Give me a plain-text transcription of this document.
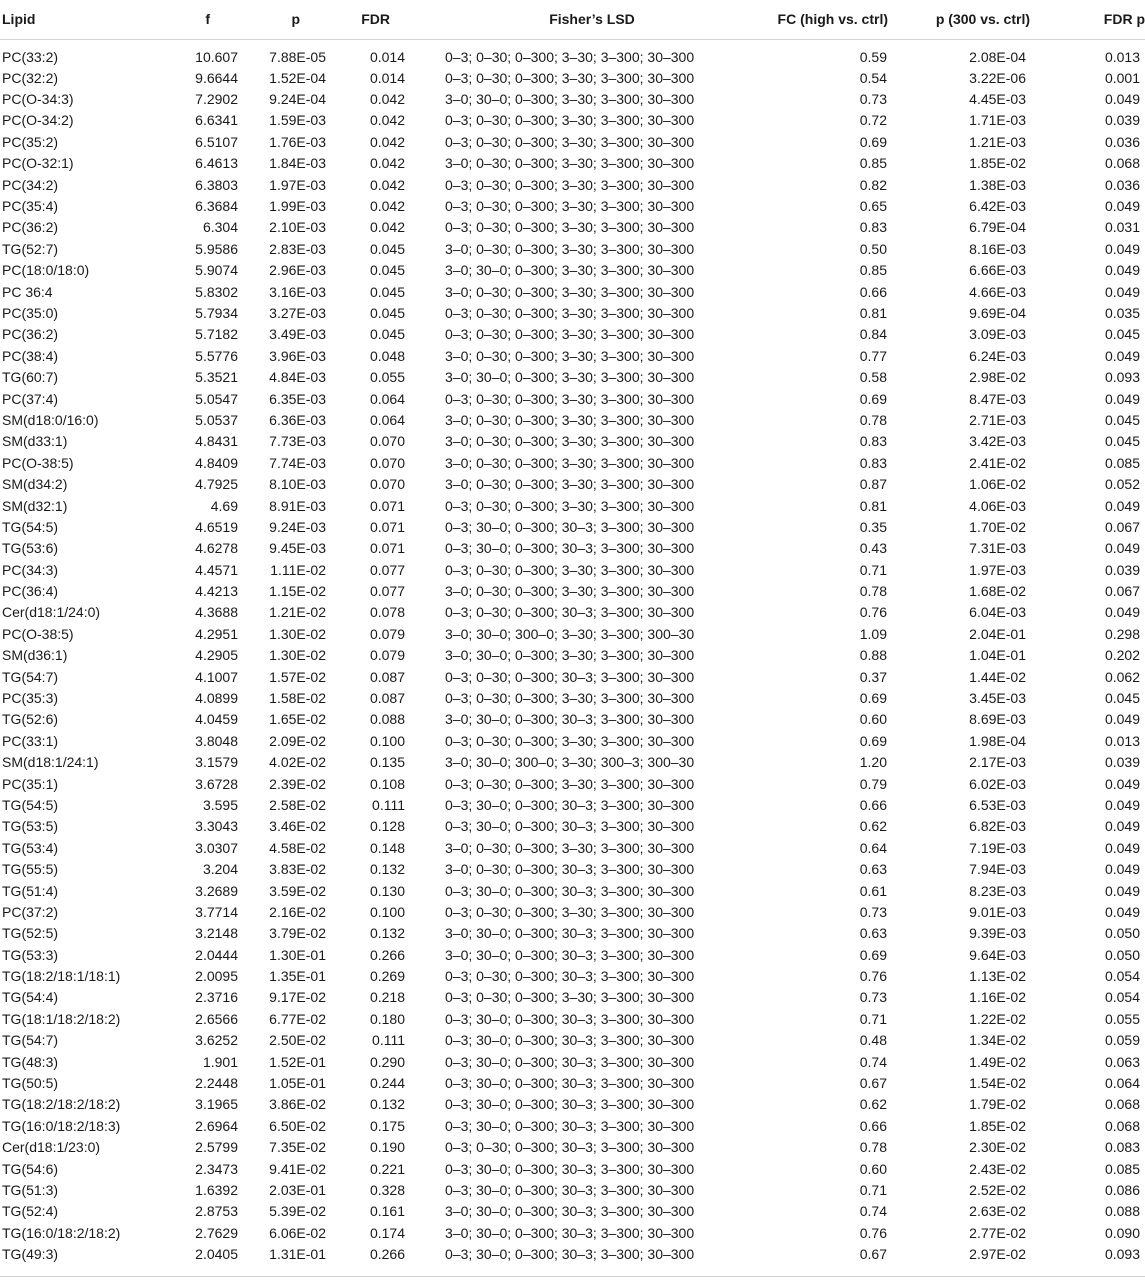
Lipid	f	p	FDR	Fisher’s LSD	FC (high vs. ctrl)	p (300 vs. ctrl)	FDR p
PC(33:2)	10.607	7.88E-05	0.014	0–3; 0–30; 0–300; 3–30; 3–300; 30–300	0.59	2.08E-04	0.013
PC(32:2)	9.6644	1.52E-04	0.014	0–3; 0–30; 0–300; 3–30; 3–300; 30–300	0.54	3.22E-06	0.001
PC(O-34:3)	7.2902	9.24E-04	0.042	3–0; 30–0; 0–300; 3–30; 3–300; 30–300	0.73	4.45E-03	0.049
PC(O-34:2)	6.6341	1.59E-03	0.042	0–3; 0–30; 0–300; 3–30; 3–300; 30–300	0.72	1.71E-03	0.039
PC(35:2)	6.5107	1.76E-03	0.042	0–3; 0–30; 0–300; 3–30; 3–300; 30–300	0.69	1.21E-03	0.036
PC(O-32:1)	6.4613	1.84E-03	0.042	3–0; 0–30; 0–300; 3–30; 3–300; 30–300	0.85	1.85E-02	0.068
PC(34:2)	6.3803	1.97E-03	0.042	0–3; 0–30; 0–300; 3–30; 3–300; 30–300	0.82	1.38E-03	0.036
PC(35:4)	6.3684	1.99E-03	0.042	0–3; 0–30; 0–300; 3–30; 3–300; 30–300	0.65	6.42E-03	0.049
PC(36:2)	6.304	2.10E-03	0.042	0–3; 0–30; 0–300; 3–30; 3–300; 30–300	0.83	6.79E-04	0.031
TG(52:7)	5.9586	2.83E-03	0.045	3–0; 0–30; 0–300; 3–30; 3–300; 30–300	0.50	8.16E-03	0.049
PC(18:0/18:0)	5.9074	2.96E-03	0.045	3–0; 30–0; 0–300; 3–30; 3–300; 30–300	0.85	6.66E-03	0.049
PC 36:4	5.8302	3.16E-03	0.045	3–0; 0–30; 0–300; 3–30; 3–300; 30–300	0.66	4.66E-03	0.049
PC(35:0)	5.7934	3.27E-03	0.045	0–3; 0–30; 0–300; 3–30; 3–300; 30–300	0.81	9.69E-04	0.035
PC(36:2)	5.7182	3.49E-03	0.045	0–3; 0–30; 0–300; 3–30; 3–300; 30–300	0.84	3.09E-03	0.045
PC(38:4)	5.5776	3.96E-03	0.048	3–0; 0–30; 0–300; 3–30; 3–300; 30–300	0.77	6.24E-03	0.049
TG(60:7)	5.3521	4.84E-03	0.055	3–0; 30–0; 0–300; 3–30; 3–300; 30–300	0.58	2.98E-02	0.093
PC(37:4)	5.0547	6.35E-03	0.064	0–3; 0–30; 0–300; 3–30; 3–300; 30–300	0.69	8.47E-03	0.049
SM(d18:0/16:0)	5.0537	6.36E-03	0.064	3–0; 0–30; 0–300; 3–30; 3–300; 30–300	0.78	2.71E-03	0.045
SM(d33:1)	4.8431	7.73E-03	0.070	3–0; 0–30; 0–300; 3–30; 3–300; 30–300	0.83	3.42E-03	0.045
PC(O-38:5)	4.8409	7.74E-03	0.070	3–0; 0–30; 0–300; 3–30; 3–300; 30–300	0.83	2.41E-02	0.085
SM(d34:2)	4.7925	8.10E-03	0.070	3–0; 0–30; 0–300; 3–30; 3–300; 30–300	0.87	1.06E-02	0.052
SM(d32:1)	4.69	8.91E-03	0.071	0–3; 0–30; 0–300; 3–30; 3–300; 30–300	0.81	4.06E-03	0.049
TG(54:5)	4.6519	9.24E-03	0.071	0–3; 30–0; 0–300; 30–3; 3–300; 30–300	0.35	1.70E-02	0.067
TG(53:6)	4.6278	9.45E-03	0.071	0–3; 30–0; 0–300; 30–3; 3–300; 30–300	0.43	7.31E-03	0.049
PC(34:3)	4.4571	1.11E-02	0.077	0–3; 0–30; 0–300; 3–30; 3–300; 30–300	0.71	1.97E-03	0.039
PC(36:4)	4.4213	1.15E-02	0.077	3–0; 0–30; 0–300; 3–30; 3–300; 30–300	0.78	1.68E-02	0.067
Cer(d18:1/24:0)	4.3688	1.21E-02	0.078	0–3; 0–30; 0–300; 30–3; 3–300; 30–300	0.76	6.04E-03	0.049
PC(O-38:5)	4.2951	1.30E-02	0.079	3–0; 30–0; 300–0; 3–30; 3–300; 300–30	1.09	2.04E-01	0.298
SM(d36:1)	4.2905	1.30E-02	0.079	3–0; 30–0; 0–300; 3–30; 3–300; 30–300	0.88	1.04E-01	0.202
TG(54:7)	4.1007	1.57E-02	0.087	0–3; 0–30; 0–300; 30–3; 3–300; 30–300	0.37	1.44E-02	0.062
PC(35:3)	4.0899	1.58E-02	0.087	0–3; 0–30; 0–300; 3–30; 3–300; 30–300	0.69	3.45E-03	0.045
TG(52:6)	4.0459	1.65E-02	0.088	3–0; 30–0; 0–300; 30–3; 3–300; 30–300	0.60	8.69E-03	0.049
PC(33:1)	3.8048	2.09E-02	0.100	0–3; 0–30; 0–300; 3–30; 3–300; 30–300	0.69	1.98E-04	0.013
SM(d18:1/24:1)	3.1579	4.02E-02	0.135	3–0; 30–0; 300–0; 3–30; 300–3; 300–30	1.20	2.17E-03	0.039
PC(35:1)	3.6728	2.39E-02	0.108	0–3; 0–30; 0–300; 3–30; 3–300; 30–300	0.79	6.02E-03	0.049
TG(54:5)	3.595	2.58E-02	0.111	0–3; 30–0; 0–300; 30–3; 3–300; 30–300	0.66	6.53E-03	0.049
TG(53:5)	3.3043	3.46E-02	0.128	0–3; 30–0; 0–300; 30–3; 3–300; 30–300	0.62	6.82E-03	0.049
TG(53:4)	3.0307	4.58E-02	0.148	3–0; 0–30; 0–300; 3–30; 3–300; 30–300	0.64	7.19E-03	0.049
TG(55:5)	3.204	3.83E-02	0.132	3–0; 0–30; 0–300; 30–3; 3–300; 30–300	0.63	7.94E-03	0.049
TG(51:4)	3.2689	3.59E-02	0.130	0–3; 30–0; 0–300; 30–3; 3–300; 30–300	0.61	8.23E-03	0.049
PC(37:2)	3.7714	2.16E-02	0.100	0–3; 0–30; 0–300; 3–30; 3–300; 30–300	0.73	9.01E-03	0.049
TG(52:5)	3.2148	3.79E-02	0.132	3–0; 30–0; 0–300; 30–3; 3–300; 30–300	0.63	9.39E-03	0.050
TG(53:3)	2.0444	1.30E-01	0.266	3–0; 30–0; 0–300; 30–3; 3–300; 30–300	0.69	9.64E-03	0.050
TG(18:2/18:1/18:1)	2.0095	1.35E-01	0.269	0–3; 0–30; 0–300; 30–3; 3–300; 30–300	0.76	1.13E-02	0.054
TG(54:4)	2.3716	9.17E-02	0.218	0–3; 0–30; 0–300; 3–30; 3–300; 30–300	0.73	1.16E-02	0.054
TG(18:1/18:2/18:2)	2.6566	6.77E-02	0.180	0–3; 30–0; 0–300; 30–3; 3–300; 30–300	0.71	1.22E-02	0.055
TG(54:7)	3.6252	2.50E-02	0.111	0–3; 30–0; 0–300; 30–3; 3–300; 30–300	0.48	1.34E-02	0.059
TG(48:3)	1.901	1.52E-01	0.290	0–3; 30–0; 0–300; 30–3; 3–300; 30–300	0.74	1.49E-02	0.063
TG(50:5)	2.2448	1.05E-01	0.244	0–3; 30–0; 0–300; 30–3; 3–300; 30–300	0.67	1.54E-02	0.064
TG(18:2/18:2/18:2)	3.1965	3.86E-02	0.132	0–3; 30–0; 0–300; 30–3; 3–300; 30–300	0.62	1.79E-02	0.068
TG(16:0/18:2/18:3)	2.6964	6.50E-02	0.175	0–3; 30–0; 0–300; 30–3; 3–300; 30–300	0.66	1.85E-02	0.068
Cer(d18:1/23:0)	2.5799	7.35E-02	0.190	0–3; 0–30; 0–300; 30–3; 3–300; 30–300	0.78	2.30E-02	0.083
TG(54:6)	2.3473	9.41E-02	0.221	0–3; 30–0; 0–300; 30–3; 3–300; 30–300	0.60	2.43E-02	0.085
TG(51:3)	1.6392	2.03E-01	0.328	0–3; 30–0; 0–300; 30–3; 3–300; 30–300	0.71	2.52E-02	0.086
TG(52:4)	2.8753	5.39E-02	0.161	3–0; 30–0; 0–300; 30–3; 3–300; 30–300	0.74	2.63E-02	0.088
TG(16:0/18:2/18:2)	2.7629	6.06E-02	0.174	3–0; 30–0; 0–300; 30–3; 3–300; 30–300	0.76	2.77E-02	0.090
TG(49:3)	2.0405	1.31E-01	0.266	0–3; 30–0; 0–300; 30–3; 3–300; 30–300	0.67	2.97E-02	0.093
